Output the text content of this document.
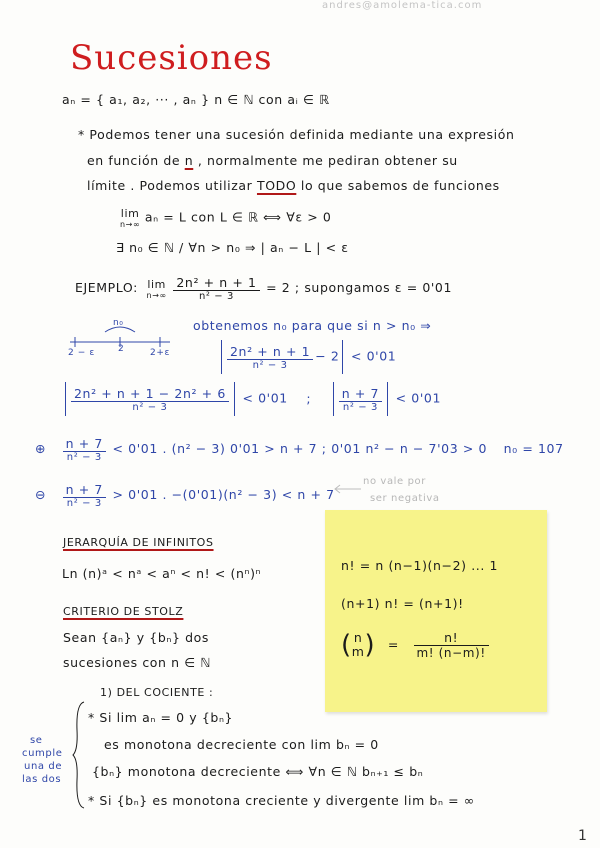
andres@amolema-tica.com
Sucesiones
aₙ = { a₁, a₂, ··· , aₙ } n ∈ ℕ con aᵢ ∈ ℝ
* Podemos tener una sucesión definida mediante una expresión
en función de n , normalmente me pediran obtener su
límite . Podemos utilizar TODO lo que sabemos de funciones
lim
n→∞ aₙ = L con L ∈ ℝ ⟺ ∀ε > 0
∃ n₀ ∈ ℕ / ∀n > n₀ ⇒ | aₙ − L | < ε
EJEMPLO: lim
n→∞
$\frac{\text{2n² + n + 1}}{\text{n² − 3}} = 2$ ; supongamos ε = 0'01
obtenemos n₀ para que si n > n₀ ⇒
n₀
2 − ε	2	2+ε	$\frac{\text{2n² + n + 1}}{\text{n² − 3}} - 2 < 0'01$
$\frac{\text{2n² + n + 1 − 2n² + 6}}{\text{n² − 3}} < 0'01$ ; $\frac{n + 7}{\text{n² − 3}} < 0'01$
⊕ $\frac{n + 7}{\text{n² − 3}} < 0'01$ . (n² − 3) 0'01 > n + 7 ; 0'01 n² − n − 7'03 > 0 n₀ = 107
⊖ $\frac{n + 7}{\text{n² − 3}} > 0'01$ . −(0'01)(n² − 3) < n + 7
no vale por
ser negativa
JERARQUÍA DE INFINITOS
Ln (n)ᵃ < nᵃ < aⁿ < n! < (nⁿ)ⁿ
CRITERIO DE STOLZ
Sean {aₙ} y {bₙ} dos
sucesiones con n ∈ ℕ
1) DEL COCIENTE :
* Si lim aₙ = 0 y {bₙ}
es monotona decreciente con lim bₙ = 0
{bₙ} monotona decreciente ⟺ ∀n ∈ ℕ bₙ₊₁ ≤ bₙ
* Si {bₙ} es monotona creciente y divergente lim bₙ = ∞
se
cumple
una de
las dos
n! = n (n−1)(n−2) ... 1
(n+1) n! = (n+1)!
( n
m ) = $\frac{n!}{m! (n-m)!}$
1
